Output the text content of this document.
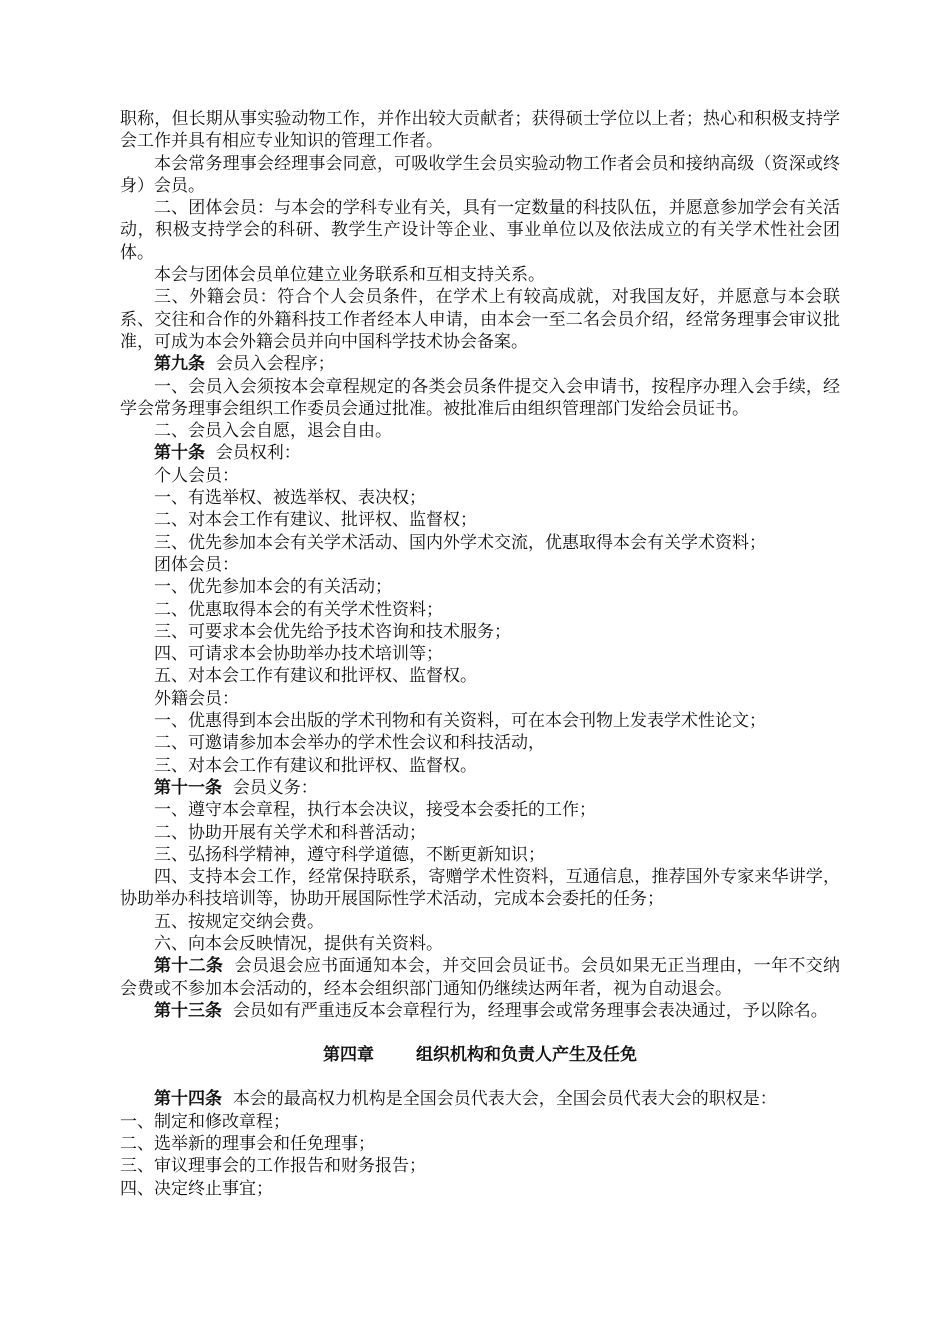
职称，但长期从事实验动物工作，并作出较大贡献者；获得硕士学位以上者；热心和积极支持学会工作并具有相应专业知识的管理工作者。

本会常务理事会经理事会同意，可吸收学生会员实验动物工作者会员和接纳高级（资深或终身）会员。

二、团体会员：与本会的学科专业有关，具有一定数量的科技队伍，并愿意参加学会有关活动，积极支持学会的科研、教学生产设计等企业、事业单位以及依法成立的有关学术性社会团体。

本会与团体会员单位建立业务联系和互相支持关系。

三、外籍会员：符合个人会员条件，在学术上有较高成就，对我国友好，并愿意与本会联系、交往和合作的外籍科技工作者经本人申请，由本会一至二名会员介绍，经常务理事会审议批准，可成为本会外籍会员并向中国科学技术协会备案。

第九条 会员入会程序；

一、会员入会须按本会章程规定的各类会员条件提交入会申请书，按程序办理入会手续，经学会常务理事会组织工作委员会通过批准。被批准后由组织管理部门发给会员证书。

二、会员入会自愿，退会自由。

第十条 会员权利：

个人会员：

一、有选举权、被选举权、表决权；

二、对本会工作有建议、批评权、监督权；

三、优先参加本会有关学术活动、国内外学术交流，优惠取得本会有关学术资料；

团体会员：

一、优先参加本会的有关活动；

二、优惠取得本会的有关学术性资料；

三、可要求本会优先给予技术咨询和技术服务；

四、可请求本会协助举办技术培训等；

五、对本会工作有建议和批评权、监督权。

外籍会员：

一、优惠得到本会出版的学术刊物和有关资料，可在本会刊物上发表学术性论文；

二、可邀请参加本会举办的学术性会议和科技活动，

三、对本会工作有建议和批评权、监督权。

第十一条 会员义务：

一、遵守本会章程，执行本会决议，接受本会委托的工作；

二、协助开展有关学术和科普活动；

三、弘扬科学精神，遵守科学道德，不断更新知识；

四、支持本会工作，经常保持联系，寄赠学术性资料，互通信息，推荐国外专家来华讲学，协助举办科技培训等，协助开展国际性学术活动，完成本会委托的任务；

五、按规定交纳会费。

六、向本会反映情况，提供有关资料。

第十二条 会员退会应书面通知本会，并交回会员证书。会员如果无正当理由，一年不交纳会费或不参加本会活动的，经本会组织部门通知仍继续达两年者，视为自动退会。

第十三条 会员如有严重违反本会章程行为，经理事会或常务理事会表决通过，予以除名。

第四章 组织机构和负责人产生及任免

第十四条 本会的最高权力机构是全国会员代表大会，全国会员代表大会的职权是：

一、制定和修改章程；

二、选举新的理事会和任免理事；

三、审议理事会的工作报告和财务报告；

四、决定终止事宜；
